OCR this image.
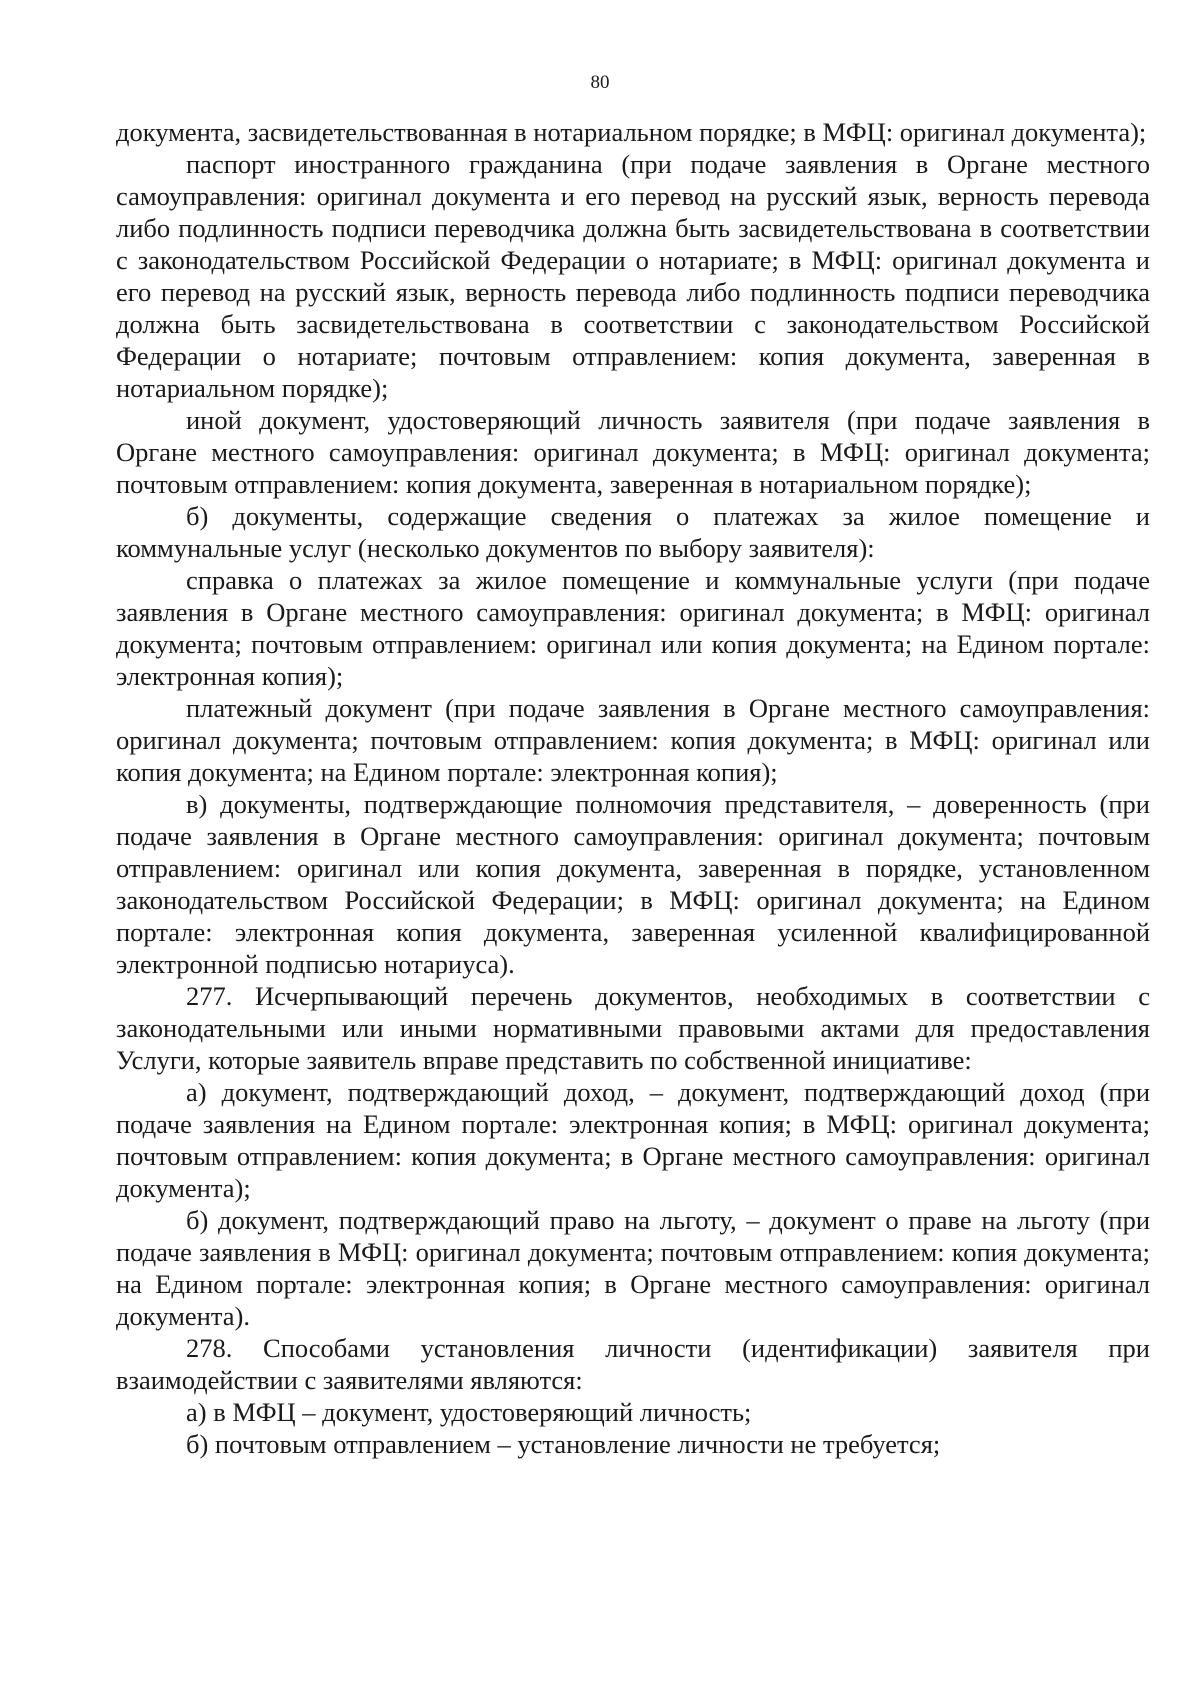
80

документа, засвидетельствованная в нотариальном порядке; в МФЦ: оригинал документа);

паспорт иностранного гражданина (при подаче заявления в Органе местного самоуправления: оригинал документа и его перевод на русский язык, верность перевода либо подлинность подписи переводчика должна быть засвидетельствована в соответствии с законодательством Российской Федерации о нотариате; в МФЦ: оригинал документа и его перевод на русский язык, верность перевода либо подлинность подписи переводчика должна быть засвидетельствована в соответствии с законодательством Российской Федерации о нотариате; почтовым отправлением: копия документа, заверенная в нотариальном порядке);

иной документ, удостоверяющий личность заявителя (при подаче заявления в Органе местного самоуправления: оригинал документа; в МФЦ: оригинал документа; почтовым отправлением: копия документа, заверенная в нотариальном порядке);

б) документы, содержащие сведения о платежах за жилое помещение и коммунальные услуг (несколько документов по выбору заявителя):

справка о платежах за жилое помещение и коммунальные услуги (при подаче заявления в Органе местного самоуправления: оригинал документа; в МФЦ: оригинал документа; почтовым отправлением: оригинал или копия документа; на Едином портале: электронная копия);

платежный документ (при подаче заявления в Органе местного самоуправления: оригинал документа; почтовым отправлением: копия документа; в МФЦ: оригинал или копия документа; на Едином портале: электронная копия);

в) документы, подтверждающие полномочия представителя, – доверенность (при подаче заявления в Органе местного самоуправления: оригинал документа; почтовым отправлением: оригинал или копия документа, заверенная в порядке, установленном законодательством Российской Федерации; в МФЦ: оригинал документа; на Едином портале: электронная копия документа, заверенная усиленной квалифицированной электронной подписью нотариуса).

277. Исчерпывающий перечень документов, необходимых в соответствии с законодательными или иными нормативными правовыми актами для предоставления Услуги, которые заявитель вправе представить по собственной инициативе:

а) документ, подтверждающий доход, – документ, подтверждающий доход (при подаче заявления на Едином портале: электронная копия; в МФЦ: оригинал документа; почтовым отправлением: копия документа; в Органе местного самоуправления: оригинал документа);

б) документ, подтверждающий право на льготу, – документ о праве на льготу (при подаче заявления в МФЦ: оригинал документа; почтовым отправлением: копия документа; на Едином портале: электронная копия; в Органе местного самоуправления: оригинал документа).

278. Способами установления личности (идентификации) заявителя при взаимодействии с заявителями являются:

а) в МФЦ – документ, удостоверяющий личность;

б) почтовым отправлением – установление личности не требуется;
